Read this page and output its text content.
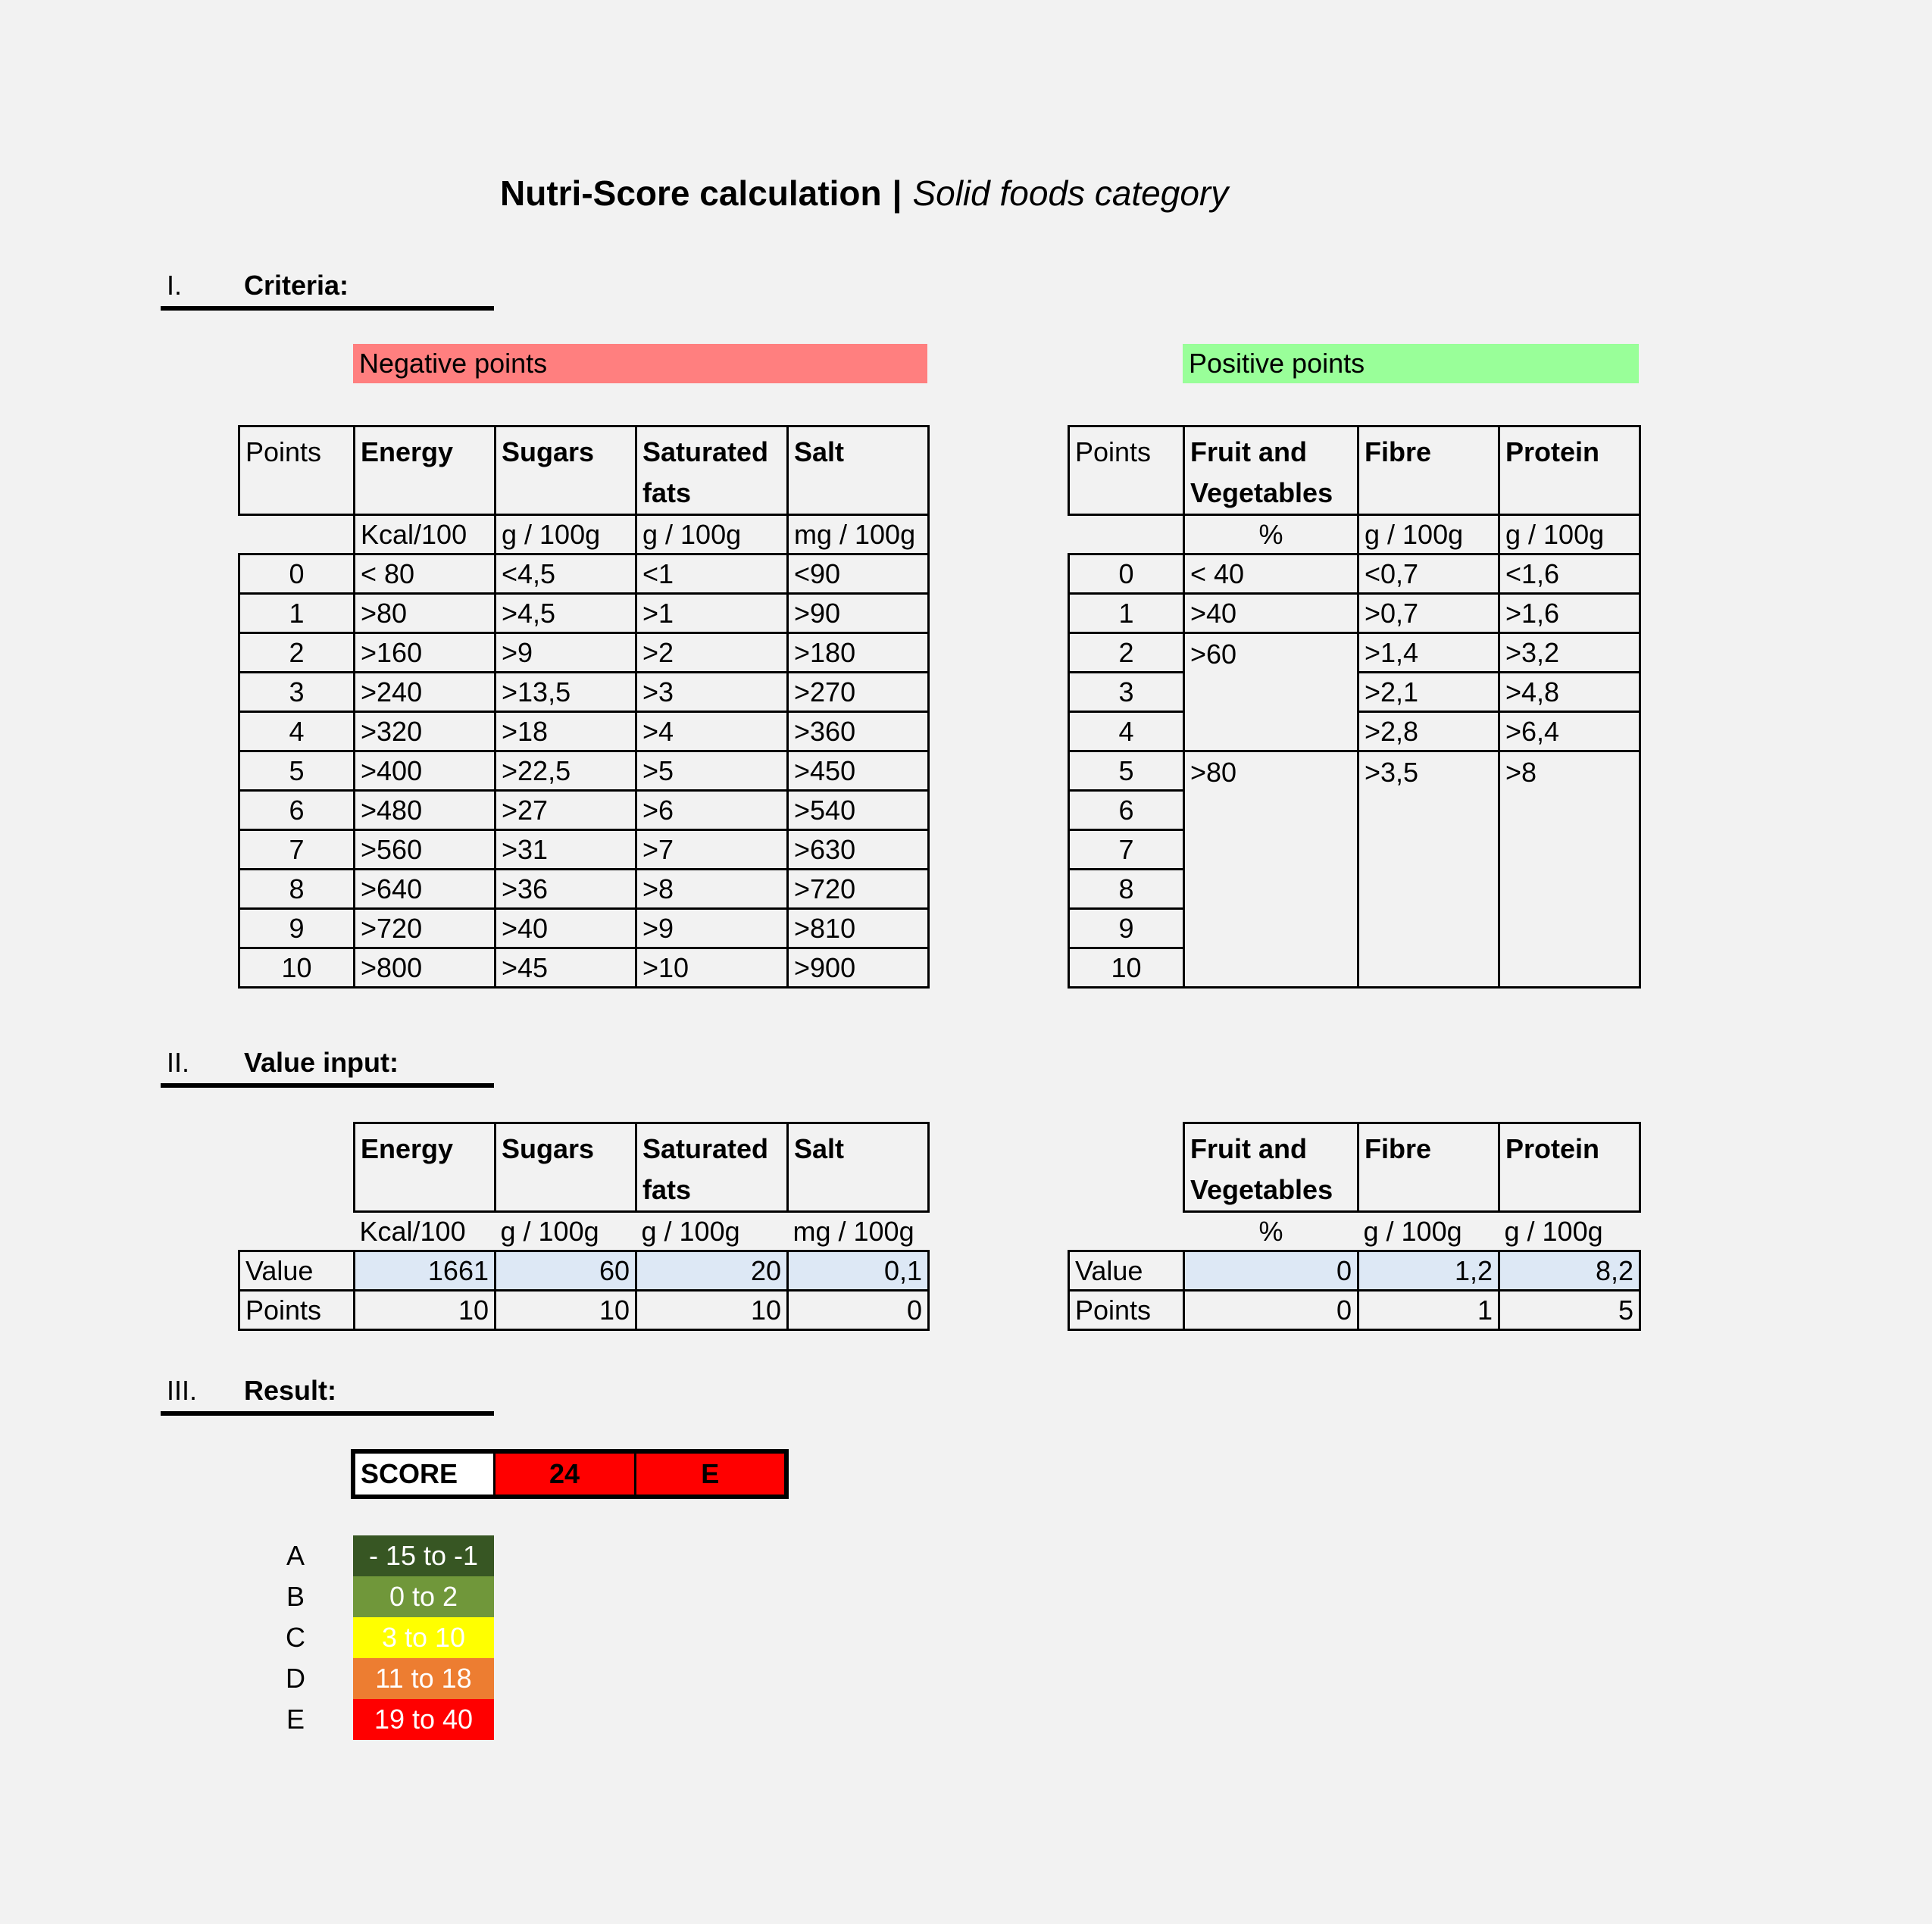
Nutri-Score calculation | Solid foods category
I. Criteria:
Negative points	Positive points
Points	Energy	Sugars	Saturated fats	Salt
	Kcal/100	g / 100g	g / 100g	mg / 100g
0	< 80	<4,5	<1	<90
1	>80	>4,5	>1	>90
2	>160	>9	>2	>180
3	>240	>13,5	>3	>270
4	>320	>18	>4	>360
5	>400	>22,5	>5	>450
6	>480	>27	>6	>540
7	>560	>31	>7	>630
8	>640	>36	>8	>720
9	>720	>40	>9	>810
10	>800	>45	>10	>900
Points	Fruit and Vegetables	Fibre	Protein
	%	g / 100g	g / 100g
0	< 40	<0,7	<1,6
1	>40	>0,7	>1,6
2	>60	>1,4	>3,2
3		>2,1	>4,8
4		>2,8	>6,4
5	>80	>3,5	>8
6			
7			
8			
9			
10			
II. Value input:
	Energy	Sugars	Saturated fats	Salt
	Kcal/100	g / 100g	g / 100g	mg / 100g
Value	1661	60	20	0,1
Points	10	10	10	0
	Fruit and Vegetables	Fibre	Protein
	%	g / 100g	g / 100g
Value	0	1,2	8,2
Points	0	1	5
III. Result:
SCORE	24	E
A	- 15 to -1
B	0 to 2
C	3 to 10
D	11 to 18
E	19 to 40
